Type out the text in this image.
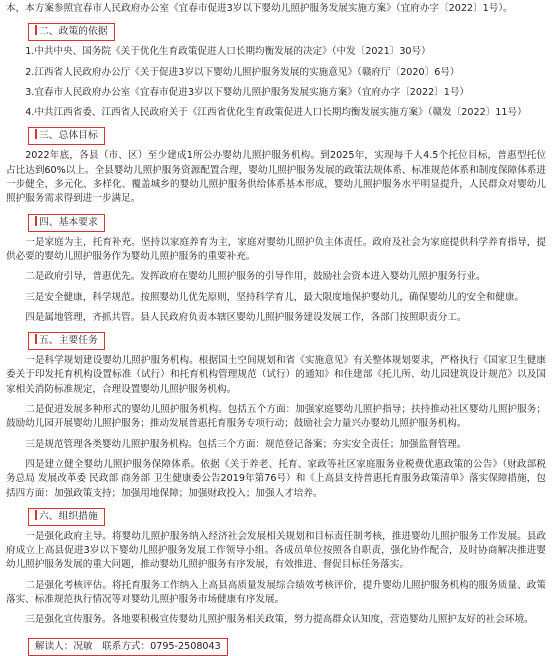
本，本方案参照宜春市人民政府办公室《宜春市促进3岁以下婴幼儿照护服务发展实施方案》（宜府办字〔2022〕1号）。

二、政策的依据

1.中共中央、国务院《关于优化生育政策促进人口长期均衡发展的决定》（中发〔2021〕30号）

2.江西省人民政府办公厅《关于促进3岁以下婴幼儿照护服务发展的实施意见》（赣府厅〔2020〕6号）

3.宜春市人民政府办公室《宜春市促进3岁以下婴幼儿照护服务发展实施方案》（宜府办字〔2022〕1号）

4.中共江西省委、江西省人民政府关于《江西省优化生育政策促进人口长期均衡发展实施方案》（赣发〔2022〕11号）

三、总体目标

2022年底，各县（市、区）至少建成1所公办婴幼儿照护服务机构。到2025年，实现每千人4.5个托位目标，普惠型托位占比达到60%以上。全县婴幼儿照护服务资源配置合理，婴幼儿照护服务发展的政策法规体系、标准规范体系和制度保障体系进一步健全，多元化、多样化、覆盖城乡的婴幼儿照护服务供给体系基本形成，婴幼儿照护服务水平明显提升，人民群众对婴幼儿照护服务需求得到进一步满足。

四、基本要求

一是家庭为主，托育补充。坚持以家庭养育为主，家庭对婴幼儿照护负主体责任。政府及社会为家庭提供科学养育指导，提供必要的婴幼儿照护服务作为婴幼儿照护服务的重要补充。

二是政府引导，普惠优先。发挥政府在婴幼儿照护服务的引导作用，鼓励社会资本进入婴幼儿照护服务行业。

三是安全健康，科学规范。按照婴幼儿优先原则，坚持科学育儿，最大限度地保护婴幼儿，确保婴幼儿的安全和健康。

四是属地管理，齐抓共管。县人民政府负责本辖区婴幼儿照护服务建设发展工作，各部门按照职责分工。

五、主要任务

一是科学规划建设婴幼儿照护服务机构。根据国土空间规划和省《实施意见》有关整体规划要求，严格执行《国家卫生健康委关于印发托育机构设置标准（试行）和托育机构管理规范（试行）的通知》和住建部《托儿所、幼儿园建筑设计规范》以及国家相关消防标准规定，合理设置婴幼儿照护服务机构。

二是促进发展多种形式的婴幼儿照护服务机构。包括五个方面：加强家庭婴幼儿照护指导；扶持推动社区婴幼儿照护服务；鼓励幼儿园开展婴幼儿照护服务；推动发展普惠托育服务专项行动；鼓励社会力量兴办婴幼儿照护服务机构。

三是规范管理各类婴幼儿照护服务机构。包括三个方面：规范登记备案；夯实安全责任；加强监督管理。

四是建立健全婴幼儿照护服务保障体系。依据《关于养老、托育、家政等社区家庭服务业税费优惠政策的公告》（财政部税务总局 发展改革委 民政部 商务部 卫生健康委公告2019年第76号）和《上高县支持普惠托育服务政策清单》落实保障措施，包括四方面：加强政策支持；加强用地保障；加强财政投入；加强人才培养。

六、组织措施

一是强化政府主导。将婴幼儿照护服务纳入经济社会发展相关规划和目标责任制考核，推进婴幼儿照护服务工作发展。县政府成立上高县促进3岁以下婴幼儿照护服务发展工作领导小组。各成员单位按照各自职责，强化协作配合，及时协商解决推进婴幼儿照护服务发展的重大问题，推动婴幼儿照护服务有序发展，有效推进、督促目标任务落实。

二是强化考核评估。将托育服务工作纳入上高县高质量发展综合绩效考核评价，提升婴幼儿照护服务机构的服务质量、政策落实、标准规范执行情况等对婴幼儿照护服务市场健康有序发展。

三是强化宣传服务。各地要积极宣传婴幼儿照护服务相关政策，努力提高群众认知度，营造婴幼儿照护友好的社会环境。

解读人：况敏　联系方式：0795-2508043
